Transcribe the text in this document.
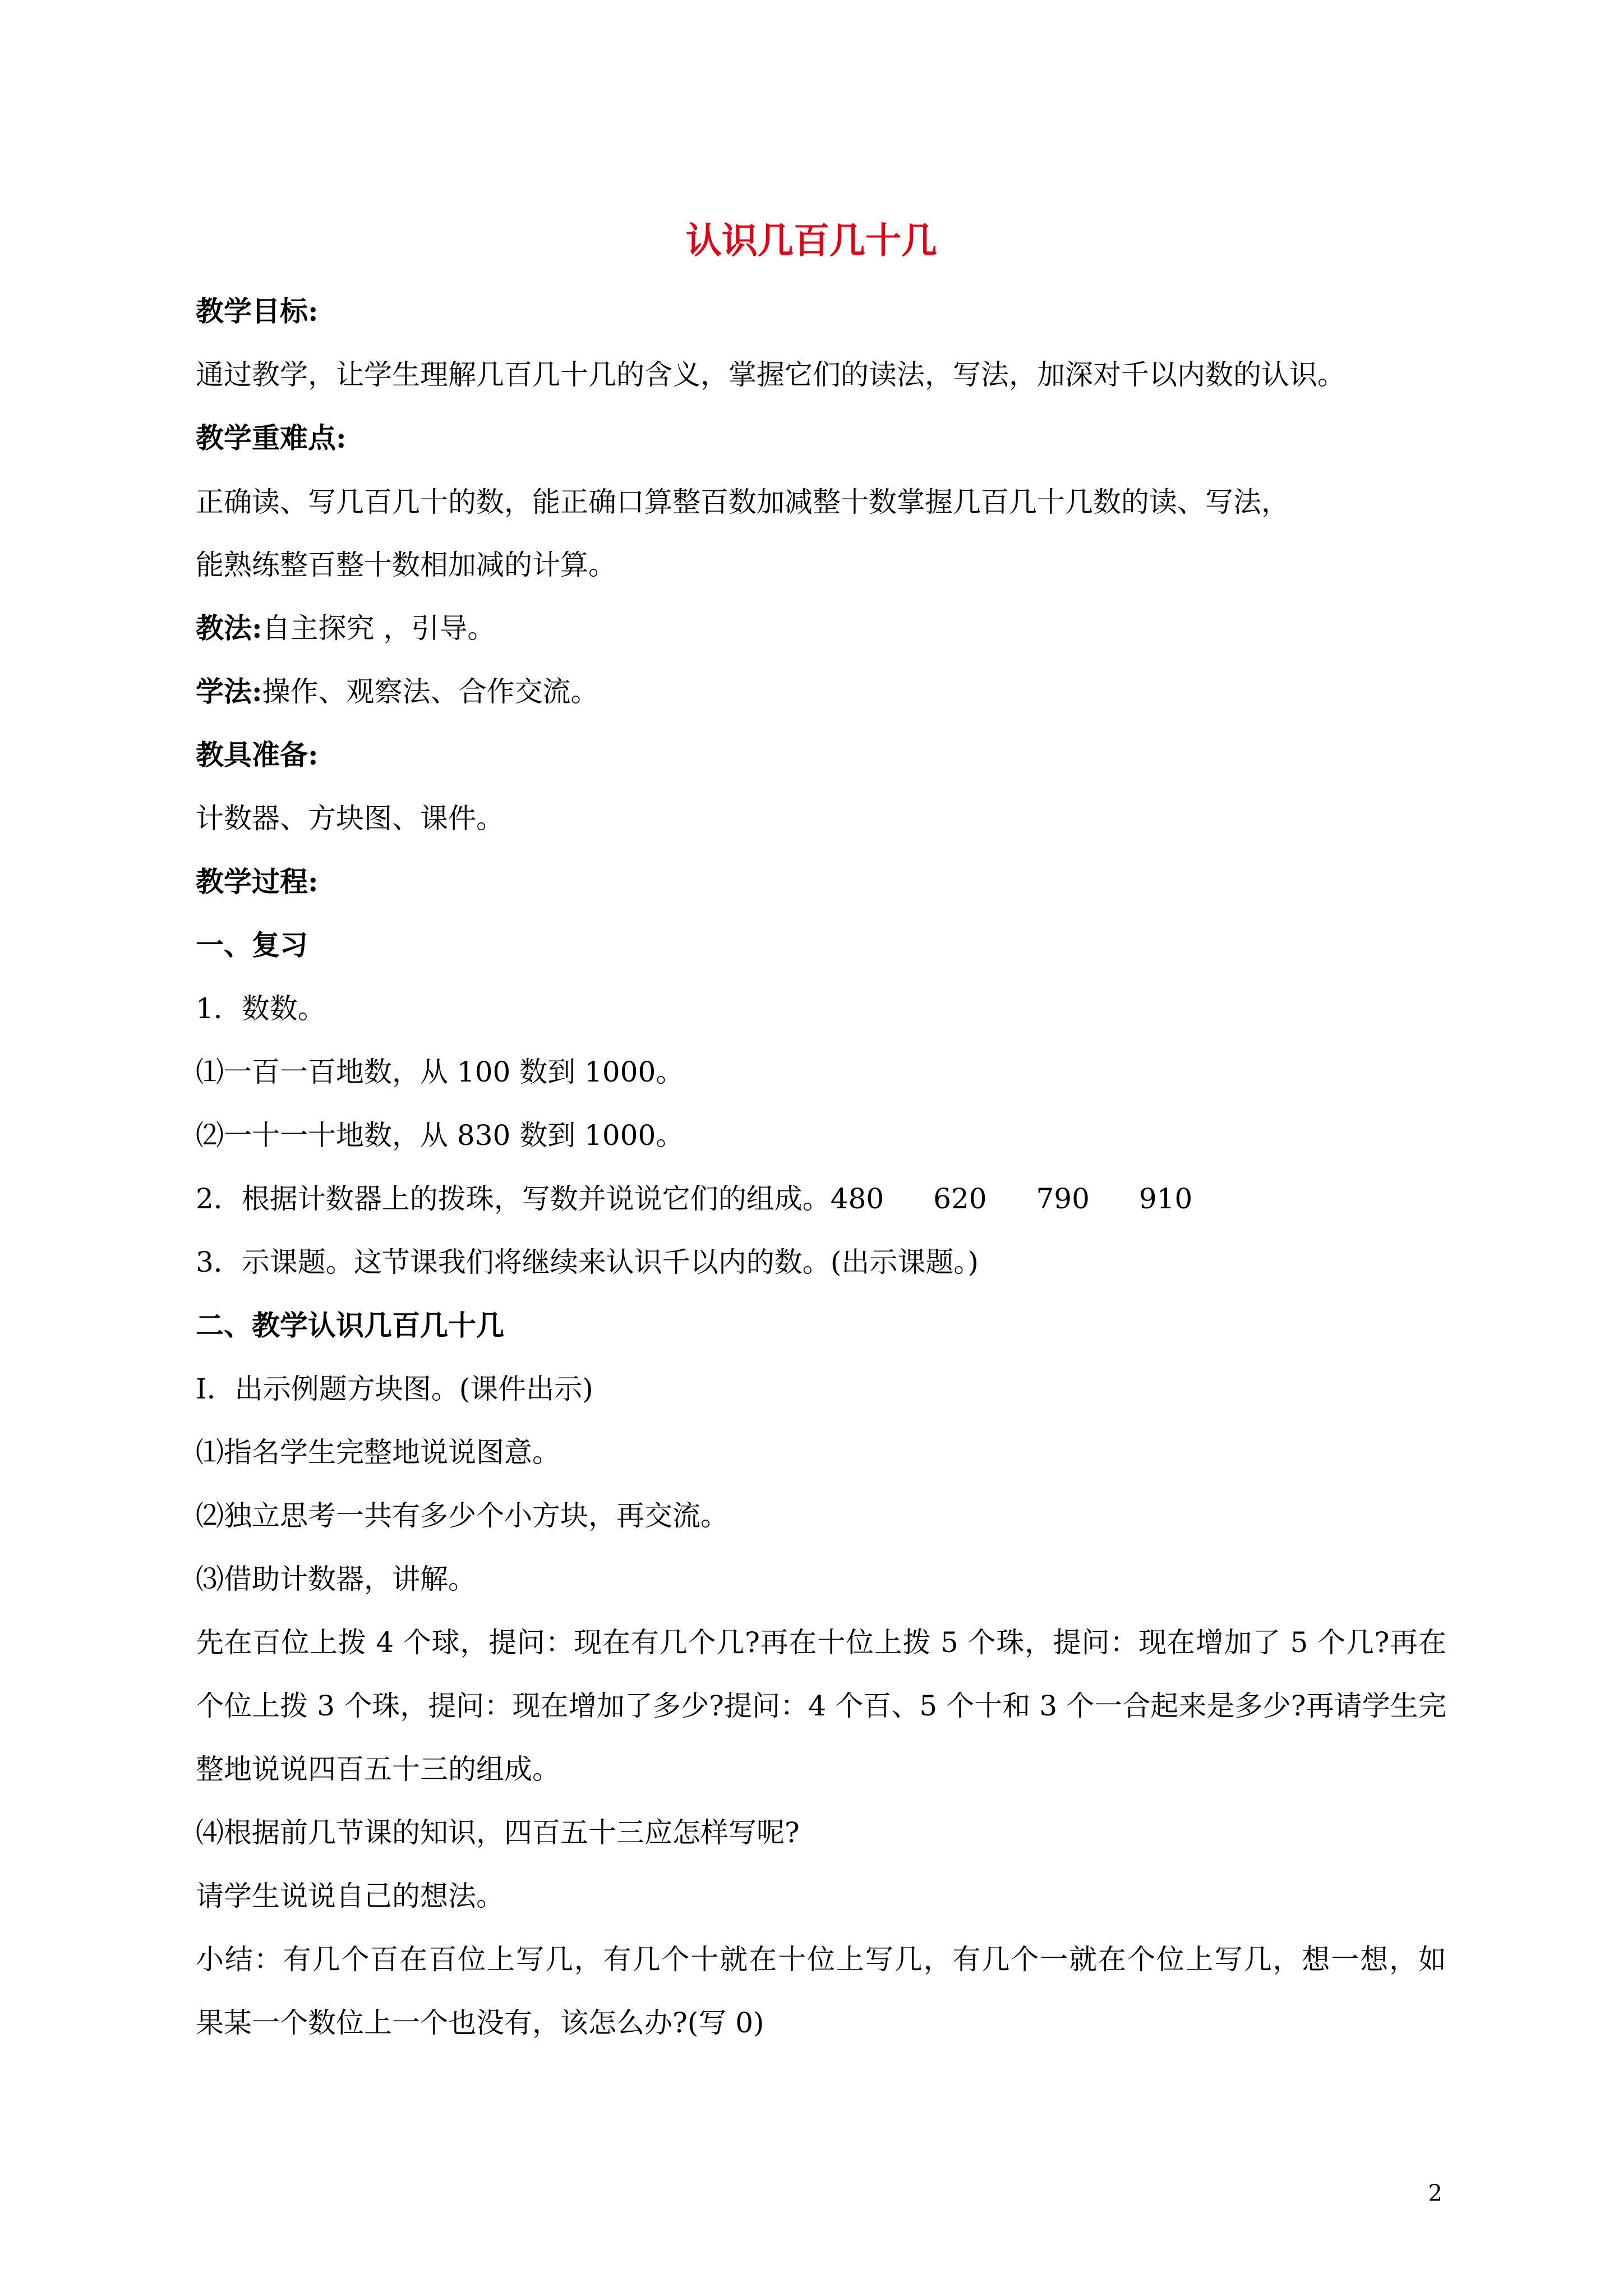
认识几百几十几
教学目标:
通过教学，让学生理解几百几十几的含义，掌握它们的读法，写法，加深对千以内数的认识。
教学重难点:
正确读、写几百几十的数，能正确口算整百数加减整十数掌握几百几十几数的读、写法，
能熟练整百整十数相加减的计算。
教法:自主探究 ，引导。
学法:操作、观察法、合作交流。
教具准备:
计数器、方块图、课件。
教学过程:
一、复习
1．数数。
⑴一百一百地数，从 100 数到 1000。
⑵一十一十地数，从 830 数到 1000。
2．根据计数器上的拨珠，写数并说说它们的组成。480 620 790 910
3．示课题。这节课我们将继续来认识千以内的数。(出示课题。)
二、教学认识几百几十几
I．出示例题方块图。(课件出示)
⑴指名学生完整地说说图意。
⑵独立思考一共有多少个小方块，再交流。
⑶借助计数器，讲解。
先在百位上拨 4 个球，提问：现在有几个几?再在十位上拨 5 个珠，提问：现在增加了 5 个几?再在
个位上拨 3 个珠，提问：现在增加了多少?提问：4 个百、5 个十和 3 个一合起来是多少?再请学生完
整地说说四百五十三的组成。
⑷根据前几节课的知识，四百五十三应怎样写呢?
请学生说说自己的想法。
小结：有几个百在百位上写几，有几个十就在十位上写几，有几个一就在个位上写几，想一想，如
果某一个数位上一个也没有，该怎么办?(写 0)
2
